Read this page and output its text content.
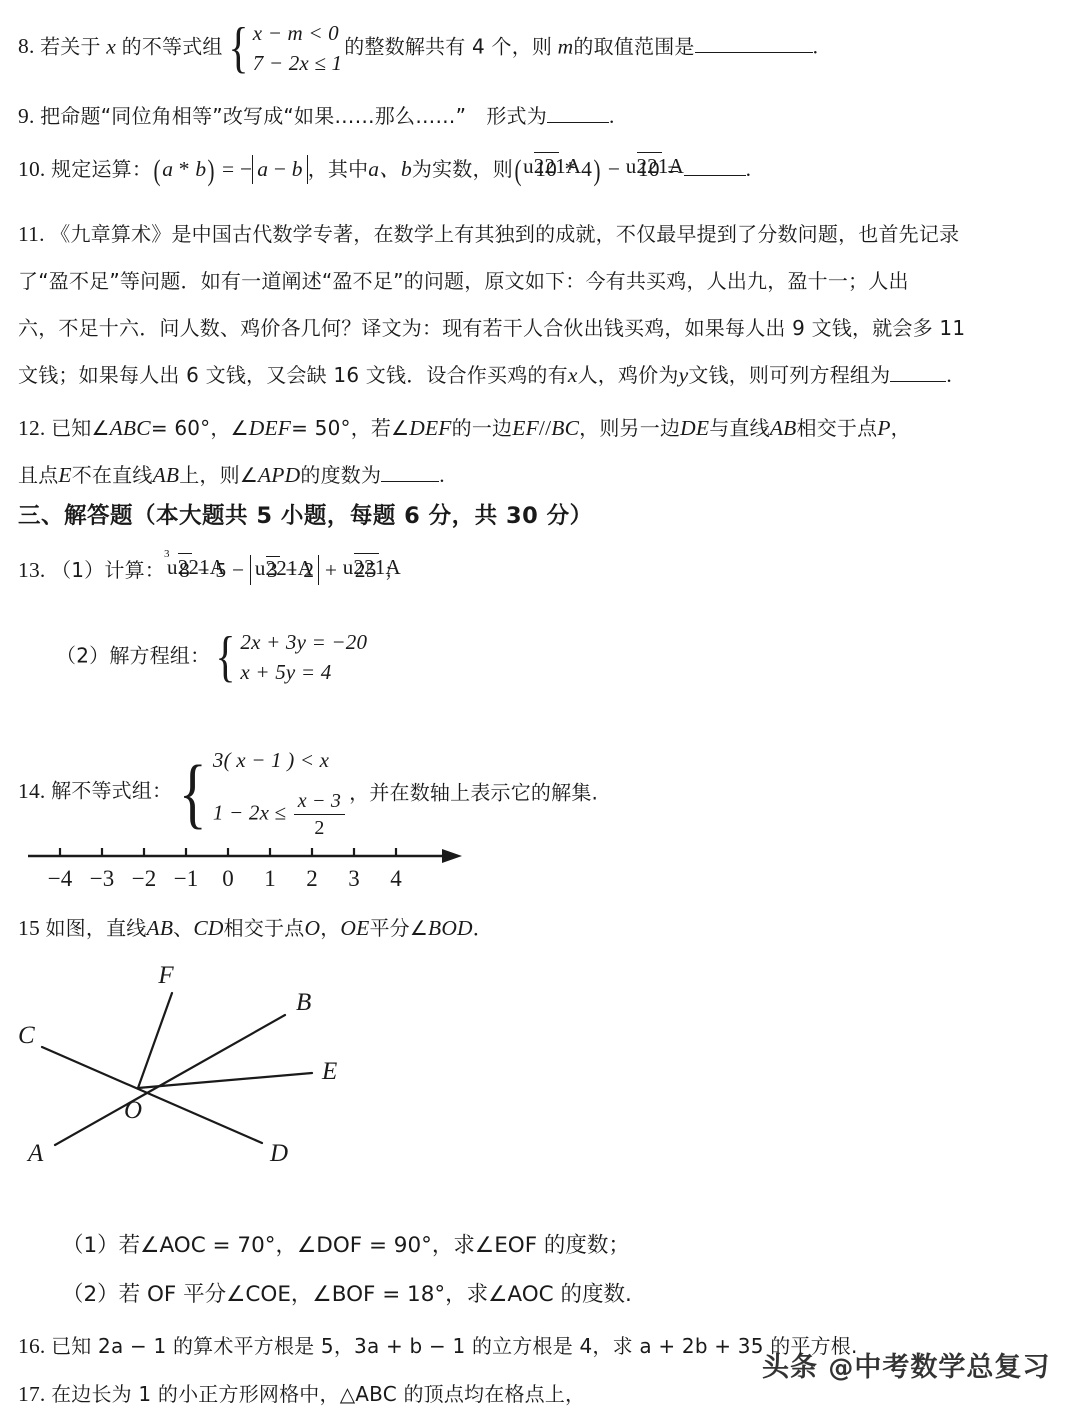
8. 若关于 x 的不等式组 { x − m < 0
7 − 2x ≤ 1
的整数解共有 4 个，则 m的取值范围是	.
9. 把命题“同位角相等”改写成“如果……那么……”　形式为	.
10. 规定运算：(a * b) = − a − b ，其中a、b为实数，则( u221A 10 * 4) − u221A 10 =	.
11. 《九章算术》是中国古代数学专著，在数学上有其独到的成就，不仅最早提到了分数问题，也首先记录
了“盈不足”等问题．如有一道阐述“盈不足”的问题，原文如下：今有共买鸡，人出九，盈十一；人出
六，不足十六．问人数、鸡价各几何？译文为：现有若干人合伙出钱买鸡，如果每人出 9 文钱，就会多 11
文钱；如果每人出 6 文钱，又会缺 16 文钱．设合作买鸡的有x人，鸡价为y文钱，则可列方程组为	.
12. 已知∠ABC= 60°，∠DEF= 50°，若∠DEF的一边EF//BC，则另一边DE与直线AB相交于点P，
且点E不在直线AB上，则∠APD的度数为	.
三、解答题（本大题共 5 小题，每题 6 分，共 30 分）
13. （1）计算：
u221A 3
8 − 5 − u221A 3 − 2 + u221A 25 ；
（2）解方程组： { 2x + 3y = −20
x + 5y = 4
14. 解不等式组： { 3( x − 1 ) < x
$1 - 2x \le \frac{x - 3}{2}$ ，并在数轴上表示它的解集.
−4 −3 −2 −1 0 1 2 3 4
15 如图，直线AB、CD相交于点O，OE平分∠BOD．
F
B
C
E
A	D
O
（1）若∠AOC = 70°，∠DOF = 90°，求∠EOF 的度数；
（2）若 OF 平分∠COE，∠BOF = 18°，求∠AOC 的度数.
16. 已知 2a − 1 的算术平方根是 5，3a + b − 1 的立方根是 4，求 a + 2b + 35 的平方根.
17. 在边长为 1 的小正方形网格中，△ABC 的顶点均在格点上，
头条 @中考数学总复习
